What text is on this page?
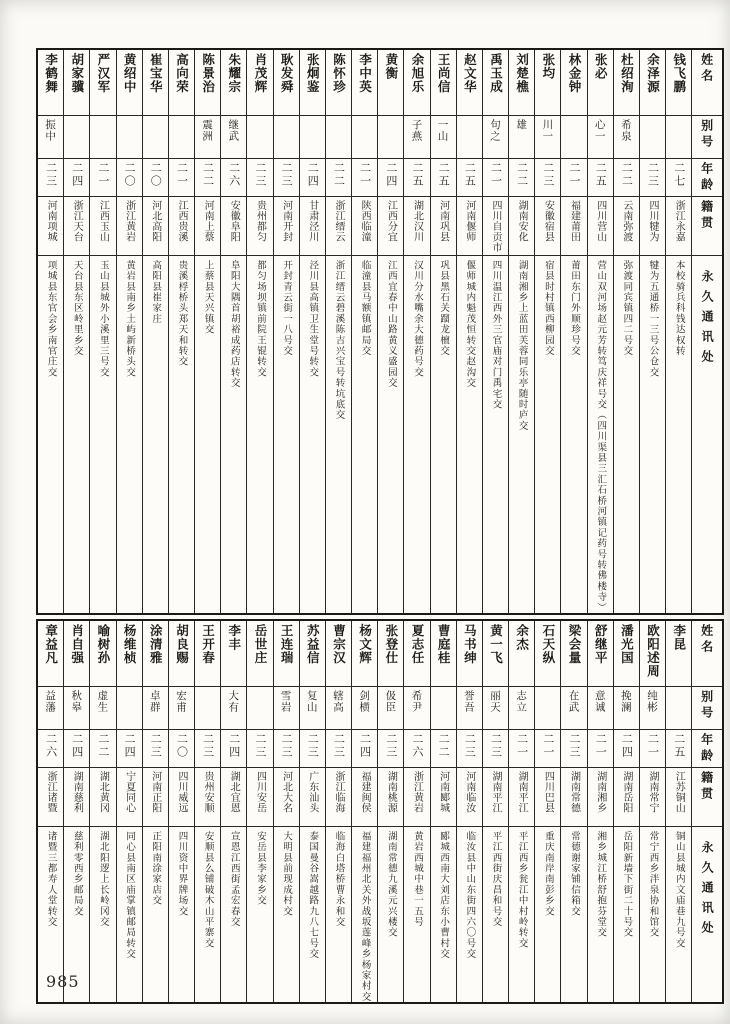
姓名
别号
年龄
籍贯
永久通讯处
钱飞鹏
二七
浙江永嘉
本校骑兵科钱达权转
余泽源
二三
四川犍为
犍为五通桥一三号公仓交
杜绍洵
希泉
二二
云南弥渡
弥渡同宾镇四二号交
张必
心一
二五
四川营山
营山双河场赵元芳转笃庆祥号交（四川渠县三汇石桥河镇记药号转佛楼寺）
林金钟
二一
福建莆田
莆田东门外顺珍号交
张均
川一
二三
安徽宿县
宿县时村镇西柳园交
刘楚樵
雄
二二
湖南安化
湖南湘乡上蓝田芙蓉同乐亭随时庐交
禹玉成
句之
二一
四川自贡市
四川温江西外三官庙对门禹宅交
赵文华
二五
河南偃师
偃师城内魁茂恒转交赵沟交
王尚信
一山
二五
河南巩县
巩县黑石关蹓龙檀交
余旭乐
子燕
二五
湖北汉川
汉川分水嘴余大德药号交
黄衡
二四
江西分宜
江西宜春中山路黄义盛园交
李中英
二一
陕西临潼
临潼县马额镇邮局交
陈怀珍
二二
浙江缙云
浙江缙云碧溪陈吉兴宝号转坑底交
张炯鉴
二四
甘肃泾川
泾川县高镇卫生堂号转交
耿发舜
二三
河南开封
开封青云街一八号交
肖茂辉
二三
贵州都匀
都匀场坝镇前院王锟转交
朱耀宗
继武
二六
安徽阜阳
阜阳大隅首胡裕成药店转交
陈景治
震洲
二二
河南上蔡
上蔡县天兴镇交
高向荣
二一
江西贵溪
贵溪桴桥头郑天和转交
崔宝华
二〇
河北高阳
高阳县崔家庄
黄绍中
二〇
浙江黄岩
黄岩县南乡土屿新桥头交
严汉军
二一
江西玉山
玉山县城外小溪里三号交
胡家骥
二四
浙江天台
天台县东区岭里乡交
李鹤舞
振中
二三
河南项城
项城县东官会乡南官庄交
姓名
别号
年龄
籍贯
永久通讯处
李昆
二五
江苏铜山
铜山县城内文庙巷九号交
欧阳述周
纯彬
二一
湖南常宁
常宁西乡泮泉协和馆交
潘光国
挽澜
二四
湖南岳阳
岳阳新墙下街二十号交
舒继平
意诚
二一
湖南湘乡
湘乡城江桥舒抱芬堂交
梁会量
在武
二三
湖南常德
常德谢家铺信箱交
石天纵
二一
四川巴县
重庆南岸南彭乡交
余杰
志立
二一
湖南平江
平江西乡瓮江中村岭转交
黄一飞
丽天
二三
湖南平江
平江西街庆昌和号交
马书绅
誉吾
二三
河南临汝
临汝县中山东街四六〇号交
曹庭桂
二二
河南郾城
郾城西南大刘店东小曹村交
夏志任
希尹
二六
浙江黄岩
黄岩西城中巷一五号
张登仕
伋臣
二三
湖南桃源
湖南常德九溪元兴楼交
杨文辉
剑横
二四
福建闽侯
福建福州北关外战坂莲峰乡杨家村交
曹宗汉
辖高
二三
浙江临海
临海白塔桥曹永和交
苏益信
复山
二三
广东汕头
泰国曼谷嵩越路九八七号交
王连瑞
雪岩
二三
河北大名
大明县前现成村交
岳世庄
二三
四川安岳
安岳县李家乡交
李丰
大有
二四
湖北宜恩
宣恩江西街孟宏春交
王开春
二三
贵州安顺
安顺县么铺破木山平寨交
胡良赐
宏甫
二〇
四川威远
四川资中界牌场交
涂清雅
卓群
二三
河南正阳
正阳南涂家店交
杨维桢
二四
宁夏同心
同心县南区庙掌镇邮局转交
喻树孙
虚生
二二
湖北黄冈
湖北阳逻上长岭冈交
肖自强
秋皋
二四
湖南慈利
慈利零西乡邮局交
章益凡
益藩
二六
浙江诸暨
诸暨三都寿人堂转交
985
